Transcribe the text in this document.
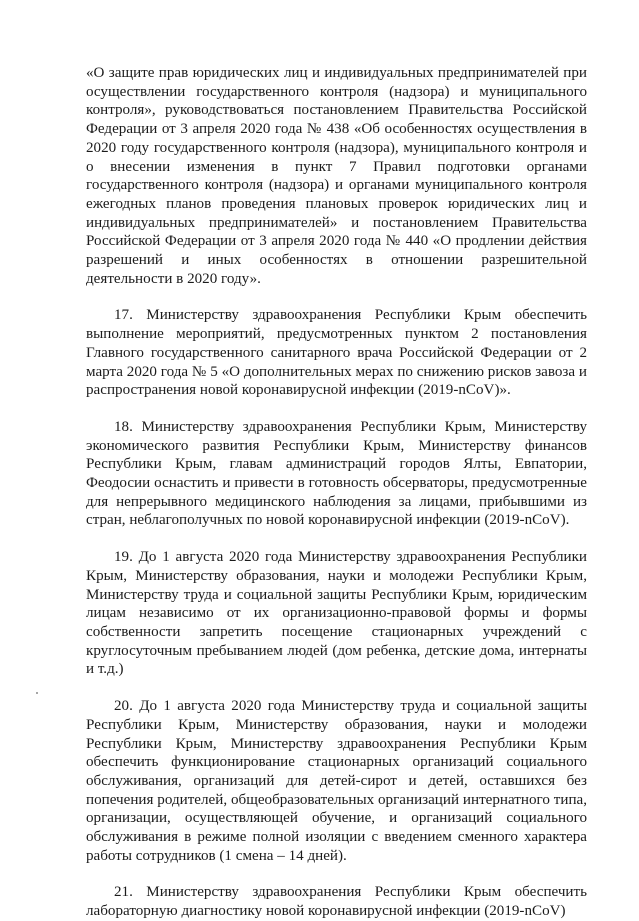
«О защите прав юридических лиц и индивидуальных предпринимателей при осуществлении государственного контроля (надзора) и муниципального контроля», руководствоваться постановлением Правительства Российской Федерации от 3 апреля 2020 года № 438 «Об особенностях осуществления в 2020 году государственного контроля (надзора), муниципального контроля и о внесении изменения в пункт 7 Правил подготовки органами государственного контроля (надзора) и органами муниципального контроля ежегодных планов проведения плановых проверок юридических лиц и индивидуальных предпринимателей» и постановлением Правительства Российской Федерации от 3 апреля 2020 года № 440 «О продлении действия разрешений и иных особенностях в отношении разрешительной деятельности в 2020 году».

17. Министерству здравоохранения Республики Крым обеспечить выполнение мероприятий, предусмотренных пунктом 2 постановления Главного государственного санитарного врача Российской Федерации от 2 марта 2020 года № 5 «О дополнительных мерах по снижению рисков завоза и распространения новой коронавирусной инфекции (2019-nCoV)».

18. Министерству здравоохранения Республики Крым, Министерству экономического развития Республики Крым, Министерству финансов Республики Крым, главам администраций городов Ялты, Евпатории, Феодосии оснастить и привести в готовность обсерваторы, предусмотренные для непрерывного медицинского наблюдения за лицами, прибывшими из стран, неблагополучных по новой коронавирусной инфекции (2019-nCoV).

19. До 1 августа 2020 года Министерству здравоохранения Республики Крым, Министерству образования, науки и молодежи Республики Крым, Министерству труда и социальной защиты Республики Крым, юридическим лицам независимо от их организационно-правовой формы и формы собственности запретить посещение стационарных учреждений с круглосуточным пребыванием людей (дом ребенка, детские дома, интернаты и т.д.)

20. До 1 августа 2020 года Министерству труда и социальной защиты Республики Крым, Министерству образования, науки и молодежи Республики Крым, Министерству здравоохранения Республики Крым обеспечить функционирование стационарных организаций социального обслуживания, организаций для детей-сирот и детей, оставшихся без попечения родителей, общеобразовательных организаций интернатного типа, организации, осуществляющей обучение, и организаций социального обслуживания в режиме полной изоляции с введением сменного характера работы сотрудников (1 смена – 14 дней).

21. Министерству здравоохранения Республики Крым обеспечить лабораторную диагностику новой коронавирусной инфекции (2019-nCoV)
